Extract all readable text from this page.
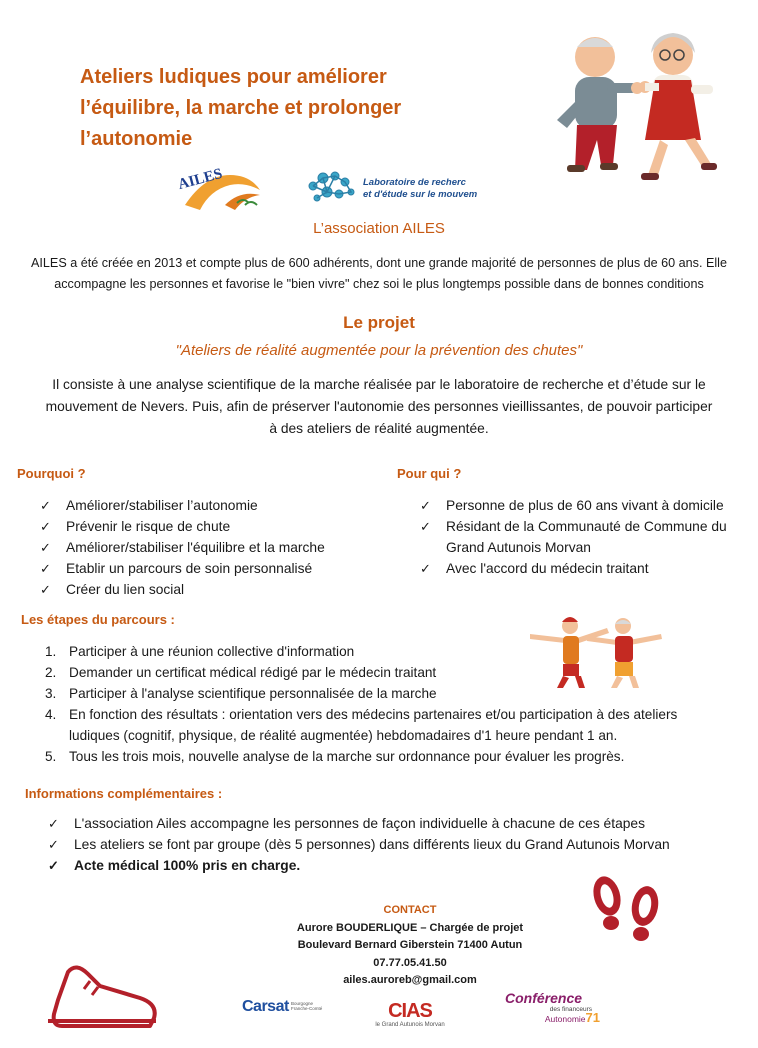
Ateliers ludiques pour améliorer
l’équilibre, la marche et prolonger
l’autonomie
AILES	Laboratoire de recherc
et d'étude sur le mouvem
L’association AILES
AILES a été créée en 2013 et compte plus de 600 adhérents, dont une grande majorité de personnes de plus de 60 ans. Elle
accompagne les personnes et favorise le "bien vivre" chez soi le plus longtemps possible dans de bonnes conditions
Le projet
"Ateliers de réalité augmentée pour la prévention des chutes"
Il consiste à une analyse scientifique de la marche réalisée par le laboratoire de recherche et d’étude sur le
mouvement de Nevers. Puis, afin de préserver l'autonomie des personnes vieillissantes, de pouvoir participer
à des ateliers de réalité augmentée.
Pourquoi ?
✓ Améliorer/stabiliser l’autonomie
✓ Prévenir le risque de chute
✓ Améliorer/stabiliser l'équilibre et la marche
✓ Etablir un parcours de soin personnalisé
✓ Créer du lien social
Pour qui ?
✓ Personne de plus de 60 ans vivant à domicile
✓ Résidant de la Communauté de Commune du
Grand Autunois Morvan
✓ Avec l'accord du médecin traitant
Les étapes du parcours :
1. Participer à une réunion collective d'information
2. Demander un certificat médical rédigé par le médecin traitant
3. Participer à l'analyse scientifique personnalisée de la marche
4. En fonction des résultats : orientation vers des médecins partenaires et/ou participation à des ateliers
ludiques (cognitif, physique, de réalité augmentée) hebdomadaires d'1 heure pendant 1 an.
5. Tous les trois mois, nouvelle analyse de la marche sur ordonnance pour évaluer les progrès.
Informations complémentaires :
✓ L'association Ailes accompagne les personnes de façon individuelle à chacune de ces étapes
✓ Les ateliers se font par groupe (dès 5 personnes) dans différents lieux du Grand Autunois Morvan
✓ Acte médical 100% pris en charge.
CONTACT
Aurore BOUDERLIQUE – Chargée de projet
Boulevard Bernard Giberstein 71400 Autun
07.77.05.41.50
ailes.auroreb@gmail.com
Carsat Bourgogne Franche-Comté	CIAS
le Grand Autunois Morvan
Conférence
des financeurs
Autonomie71
